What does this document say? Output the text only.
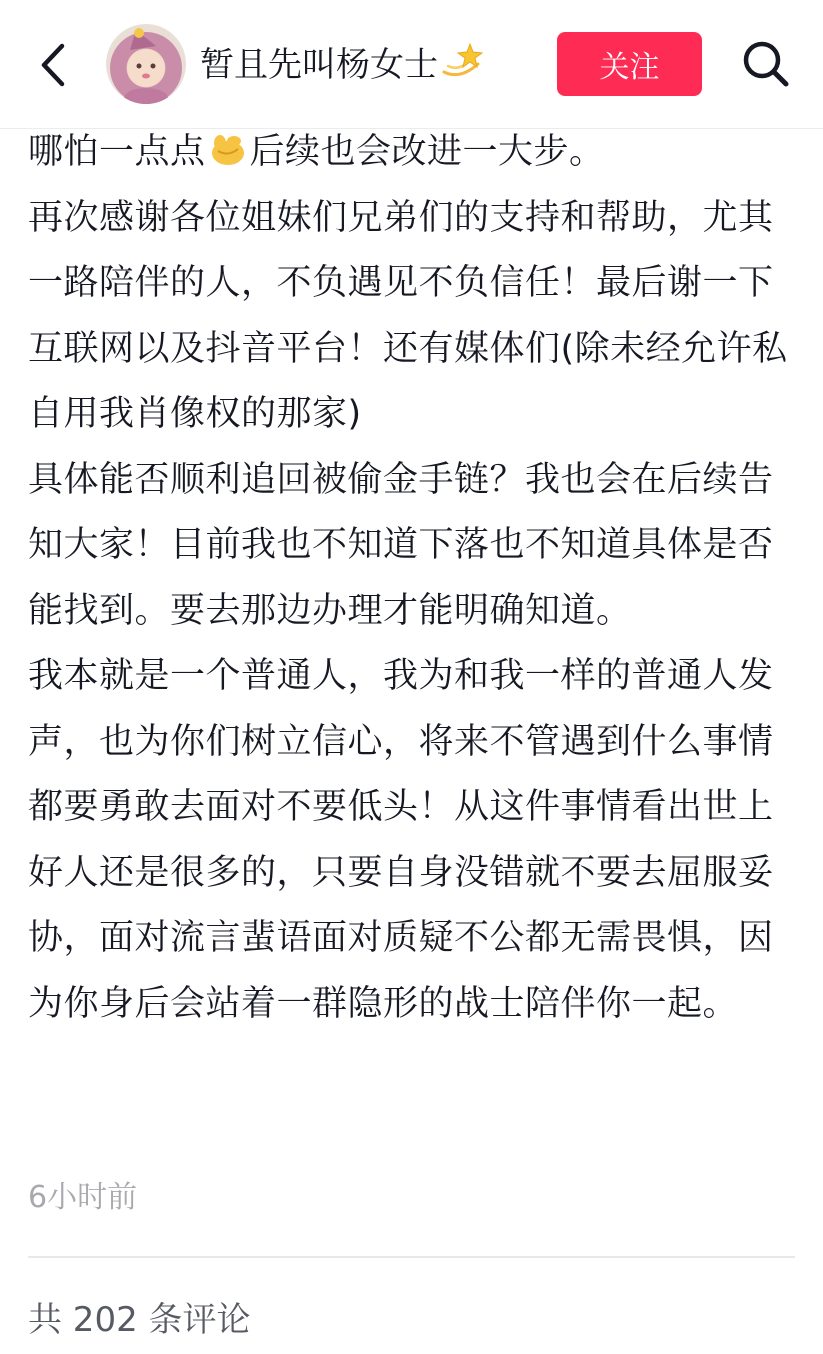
暂且先叫杨女士	关注

哪怕一点点 后续也会改进一大步。

再次感谢各位姐妹们兄弟们的支持和帮助，尤其一路陪伴的人，不负遇见不负信任！最后谢一下互联网以及抖音平台！还有媒体们(除未经允许私自用我肖像权的那家)

具体能否顺利追回被偷金手链？我也会在后续告知大家！目前我也不知道下落也不知道具体是否能找到。要去那边办理才能明确知道。

我本就是一个普通人，我为和我一样的普通人发声，也为你们树立信心，将来不管遇到什么事情都要勇敢去面对不要低头！从这件事情看出世上好人还是很多的，只要自身没错就不要去屈服妥协，面对流言蜚语面对质疑不公都无需畏惧，因为你身后会站着一群隐形的战士陪伴你一起。

6小时前
共 202 条评论
